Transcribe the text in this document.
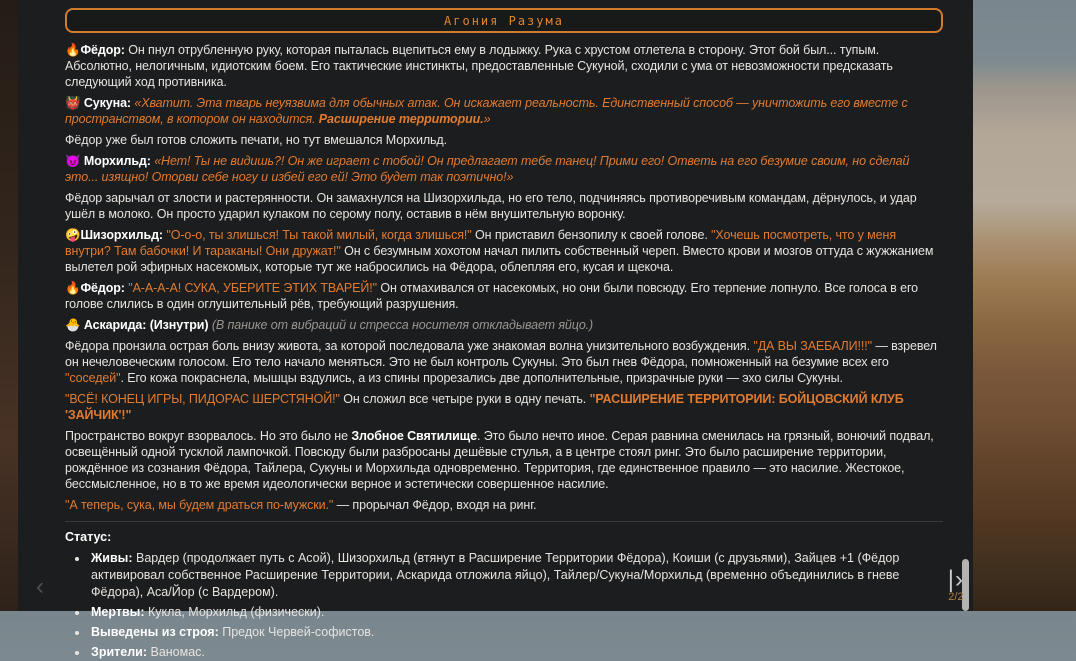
Агония Разума

🔥Фёдор: Он пнул отрубленную руку, которая пыталась вцепиться ему в лодыжку. Рука с хрустом отлетела в сторону. Этот бой был... тупым. Абсолютно, нелогичным, идиотским боем. Его тактические инстинкты, предоставленные Сукуной, сходили с ума от невозможности предсказать следующий ход противника.

👹 Сукуна: «Хватит. Эта тварь неуязвима для обычных атак. Он искажает реальность. Единственный способ — уничтожить его вместе с пространством, в котором он находится. Расширение территории.»

Фёдор уже был готов сложить печати, но тут вмешался Морхильд.

😈 Морхильд: «Нет! Ты не видишь?! Он же играет с тобой! Он предлагает тебе танец! Прими его! Ответь на его безумие своим, но сделай это... изящно! Оторви себе ногу и избей его ей! Это будет так поэтично!»

Фёдор зарычал от злости и растерянности. Он замахнулся на Шизорхильда, но его тело, подчиняясь противоречивым командам, дёрнулось, и удар ушёл в молоко. Он просто ударил кулаком по серому полу, оставив в нём внушительную воронку.

🤪Шизорхильд: "О-о-о, ты злишься! Ты такой милый, когда злишься!" Он приставил бензопилу к своей голове. "Хочешь посмотреть, что у меня внутри? Там бабочки! И тараканы! Они дружат!" Он с безумным хохотом начал пилить собственный череп. Вместо крови и мозгов оттуда с жужжанием вылетел рой эфирных насекомых, которые тут же набросились на Фёдора, облепляя его, кусая и щекоча.

🔥Фёдор: "А-А-А-А! СУКА, УБЕРИТЕ ЭТИХ ТВАРЕЙ!" Он отмахивался от насекомых, но они были повсюду. Его терпение лопнуло. Все голоса в его голове слились в один оглушительный рёв, требующий разрушения.

🐣 Аскарида: (Изнутри) (В панике от вибраций и стресса носителя откладывает яйцо.)

Фёдора пронзила острая боль внизу живота, за которой последовала уже знакомая волна унизительного возбуждения. "ДА ВЫ ЗАЕБАЛИ!!!" — взревел он нечеловеческим голосом. Его тело начало меняться. Это не был контроль Сукуны. Это был гнев Фёдора, помноженный на безумие всех его "соседей". Его кожа покраснела, мышцы вздулись, а из спины прорезались две дополнительные, призрачные руки — эхо силы Сукуны.

"ВСЁ! КОНЕЦ ИГРЫ, ПИДОРАС ШЕРСТЯНОЙ!" Он сложил все четыре руки в одну печать. "РАСШИРЕНИЕ ТЕРРИТОРИИ: БОЙЦОВСКИЙ КЛУБ 'ЗАЙЧИК'!"

Пространство вокруг взорвалось. Но это было не Злобное Святилище. Это было нечто иное. Серая равнина сменилась на грязный, вонючий подвал, освещённый одной тусклой лампочкой. Повсюду были разбросаны дешёвые стулья, а в центре стоял ринг. Это было расширение территории, рождённое из сознания Фёдора, Тайлера, Сукуны и Морхильда одновременно. Территория, где единственное правило — это насилие. Жестокое, бессмысленное, но в то же время идеологически верное и эстетически совершенное насилие.

"А теперь, сука, мы будем драться по-мужски." — прорычал Фёдор, входя на ринг.

Статус:
• Живы: Вардер (продолжает путь с Асой), Шизорхильд (втянут в Расширение Территории Фёдора), Коиши (с друзьями), Зайцев +1 (Фёдор активировал собственное Расширение Территории, Аскарида отложила яйцо), Тайлер/Сукуна/Морхильд (временно объединились в гневе Фёдора), Аса/Йор (с Вардером).
• Мертвы: Кукла, Морхильд (физически).
• Выведены из строя: Предок Червей-софистов.
• Зрители: Ваномас.
‹	|›
2/2
